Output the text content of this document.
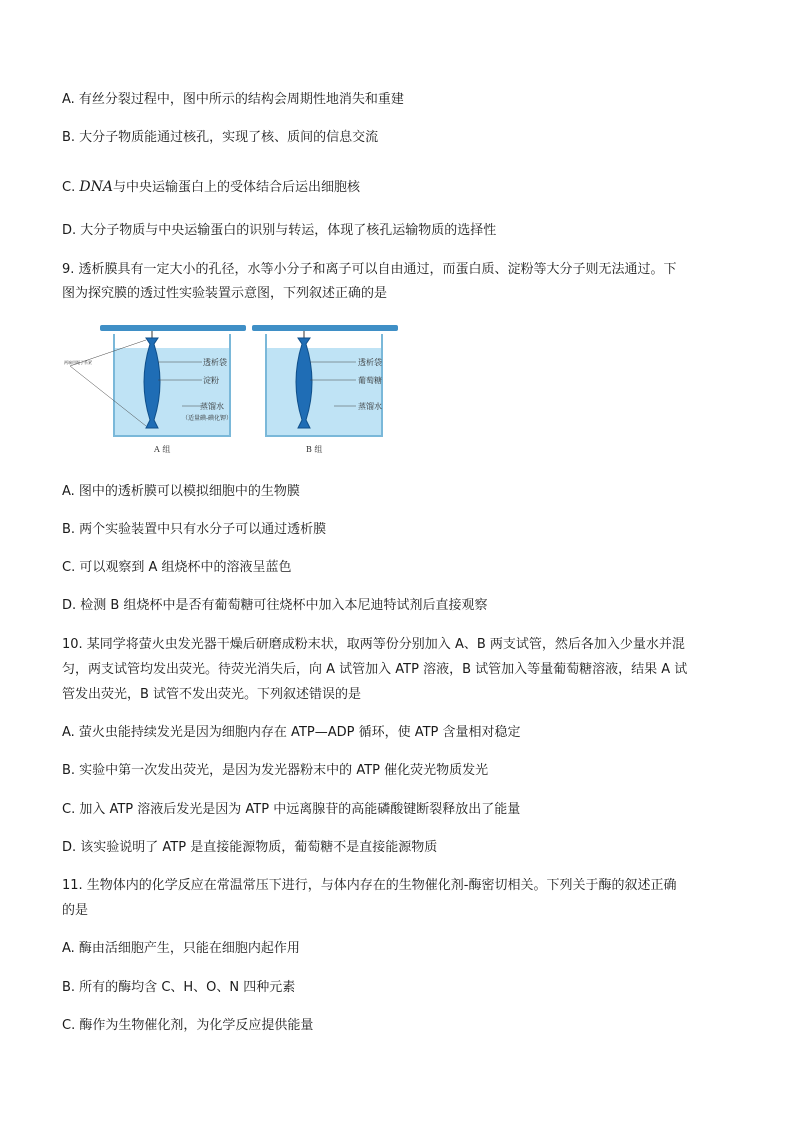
A. 有丝分裂过程中，图中所示的结构会周期性地消失和重建
B. 大分子物质能通过核孔，实现了核、质间的信息交流
C. DNA与中央运输蛋白上的受体结合后运出细胞核
D. 大分子物质与中央运输蛋白的识别与转运，体现了核孔运输物质的选择性
9. 透析膜具有一定大小的孔径，水等小分子和离子可以自由通过，而蛋白质、淀粉等大分子则无法通过。下
图为探究膜的透过性实验装置示意图，下列叙述正确的是
两端用绳子系紧	透析袋
淀粉
蒸馏水
（适量碘-碘化钾）
A 组
透析袋
葡萄糖
蒸馏水
B 组
A. 图中的透析膜可以模拟细胞中的生物膜
B. 两个实验装置中只有水分子可以通过透析膜
C. 可以观察到 A 组烧杯中的溶液呈蓝色
D. 检测 B 组烧杯中是否有葡萄糖可往烧杯中加入本尼迪特试剂后直接观察
10. 某同学将萤火虫发光器干燥后研磨成粉末状，取两等份分别加入 A、B 两支试管，然后各加入少量水并混
匀，两支试管均发出荧光。待荧光消失后，向 A 试管加入 ATP 溶液，B 试管加入等量葡萄糖溶液，结果 A 试
管发出荧光，B 试管不发出荧光。下列叙述错误的是
A. 萤火虫能持续发光是因为细胞内存在 ATP—ADP 循环，使 ATP 含量相对稳定
B. 实验中第一次发出荧光，是因为发光器粉末中的 ATP 催化荧光物质发光
C. 加入 ATP 溶液后发光是因为 ATP 中远离腺苷的高能磷酸键断裂释放出了能量
D. 该实验说明了 ATP 是直接能源物质，葡萄糖不是直接能源物质
11. 生物体内的化学反应在常温常压下进行，与体内存在的生物催化剂-酶密切相关。下列关于酶的叙述正确
的是
A. 酶由活细胞产生，只能在细胞内起作用
B. 所有的酶均含 C、H、O、N 四种元素
C. 酶作为生物催化剂，为化学反应提供能量
